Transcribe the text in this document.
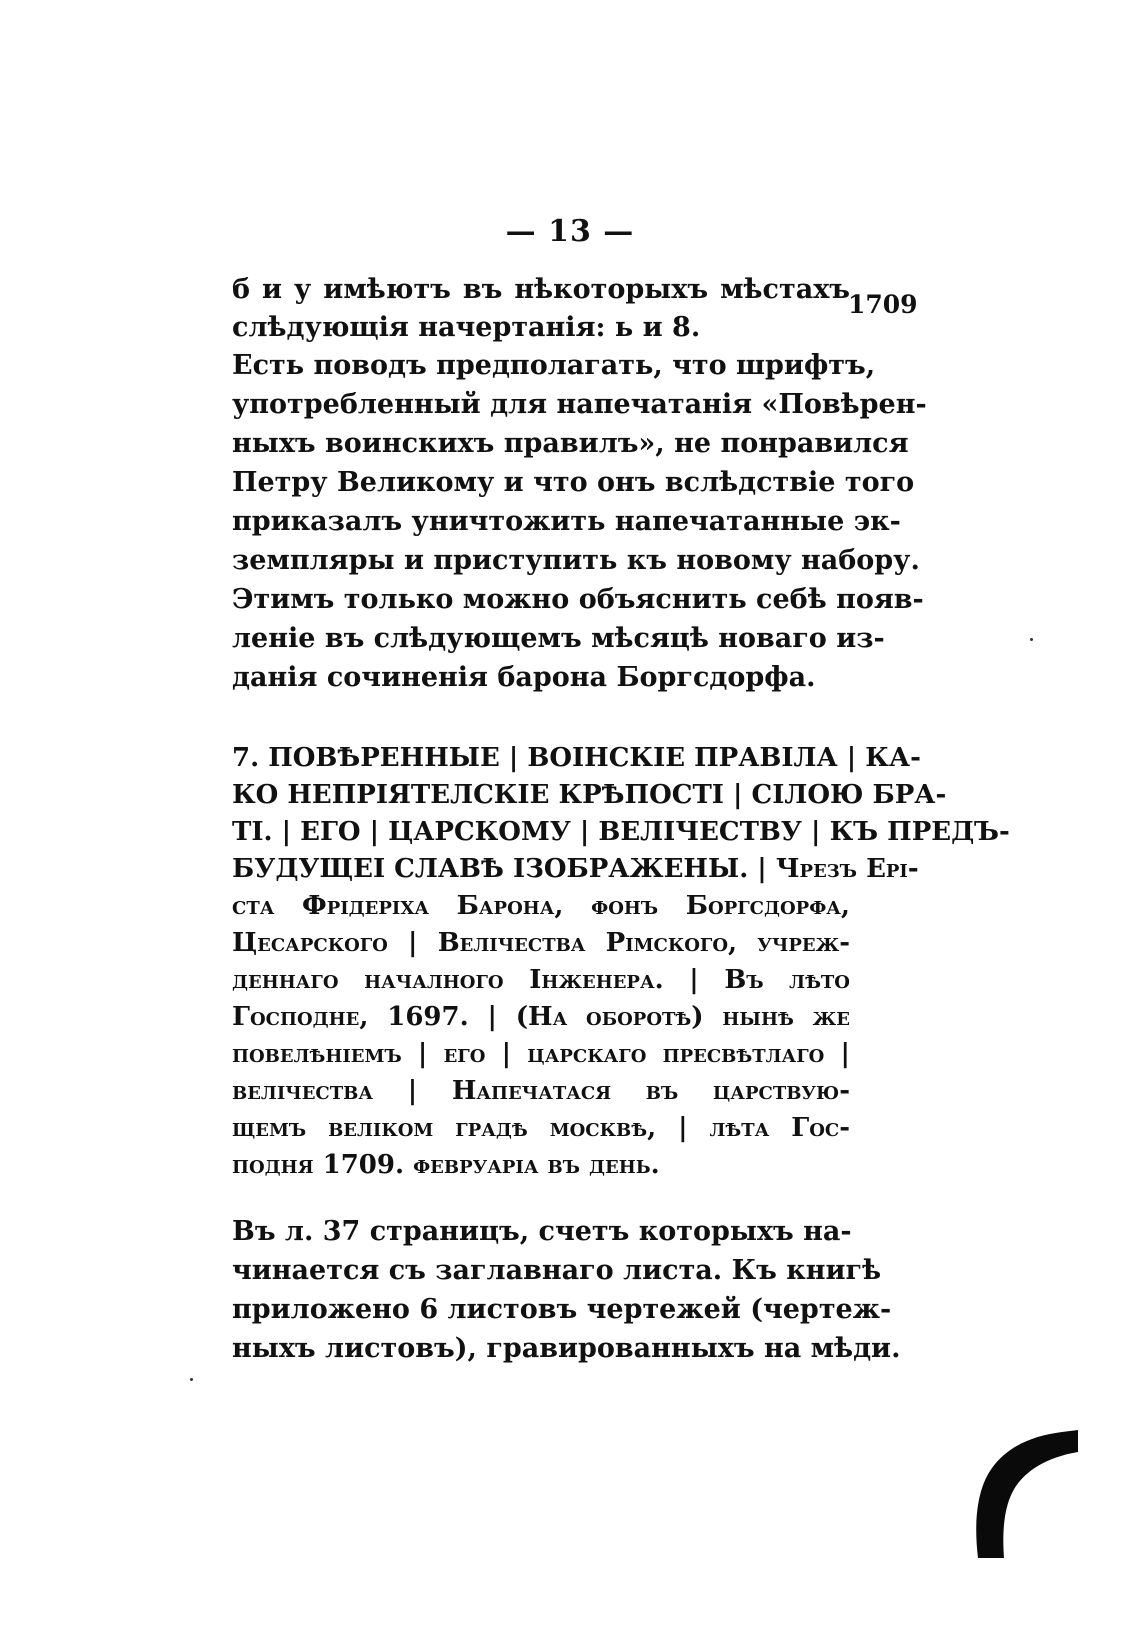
— 13 —
б и у имѣютъ въ нѣкоторыхъ мѣстахъ
1709
слѣдующія начертанія: ь и 8.
Есть поводъ предполагать, что шрифтъ,
употребленный для напечатанія «Повѣрен-
ныхъ воинскихъ правилъ», не понравился
Петру Великому и что онъ вслѣдствіе того
приказалъ уничтожить напечатанные эк-
земпляры и приступить къ новому набору.
Этимъ только можно объяснить себѣ появ-
леніе въ слѣдующемъ мѣсяцѣ новаго из-
данія сочиненія барона Боргсдорфа.
7. ПОВѢРЕННЫЕ | ВОІНСКІЕ ПРАВІЛА | КА-
КО НЕПРІЯТЕЛСКІЕ КРѢПОСТІ | СІЛОЮ БРА-
ТІ. | ЕГО | ЦАРСКОМУ | ВЕЛІЧЕСТВУ | КЪ ПРЕДЪ-
БУДУЩЕІ СЛАВѢ ІЗОБРАЖЕНЫ. | Чрезъ Ері-
ста Фрідеріха Барона, фонъ Боргсдорфа,
Цесарского | Велічества Рімского, учреж-
деннаго началного Інженера. | Въ лѣто
Господне, 1697. | (На оборотѣ) нынѣ же
повелѣніемъ | его | царскаго пресвѣтлаго |
велічества | Напечатася въ царствую-
щемъ веліком градѣ москвѣ, | лѣта Гос-
подня 1709. февруаріа въ день.
Въ л. 37 страницъ, счетъ которыхъ на-
чинается съ заглавнаго листа. Къ книгѣ
приложено 6 листовъ чертежей (чертеж-
ныхъ листовъ), гравированныхъ на мѣди.
